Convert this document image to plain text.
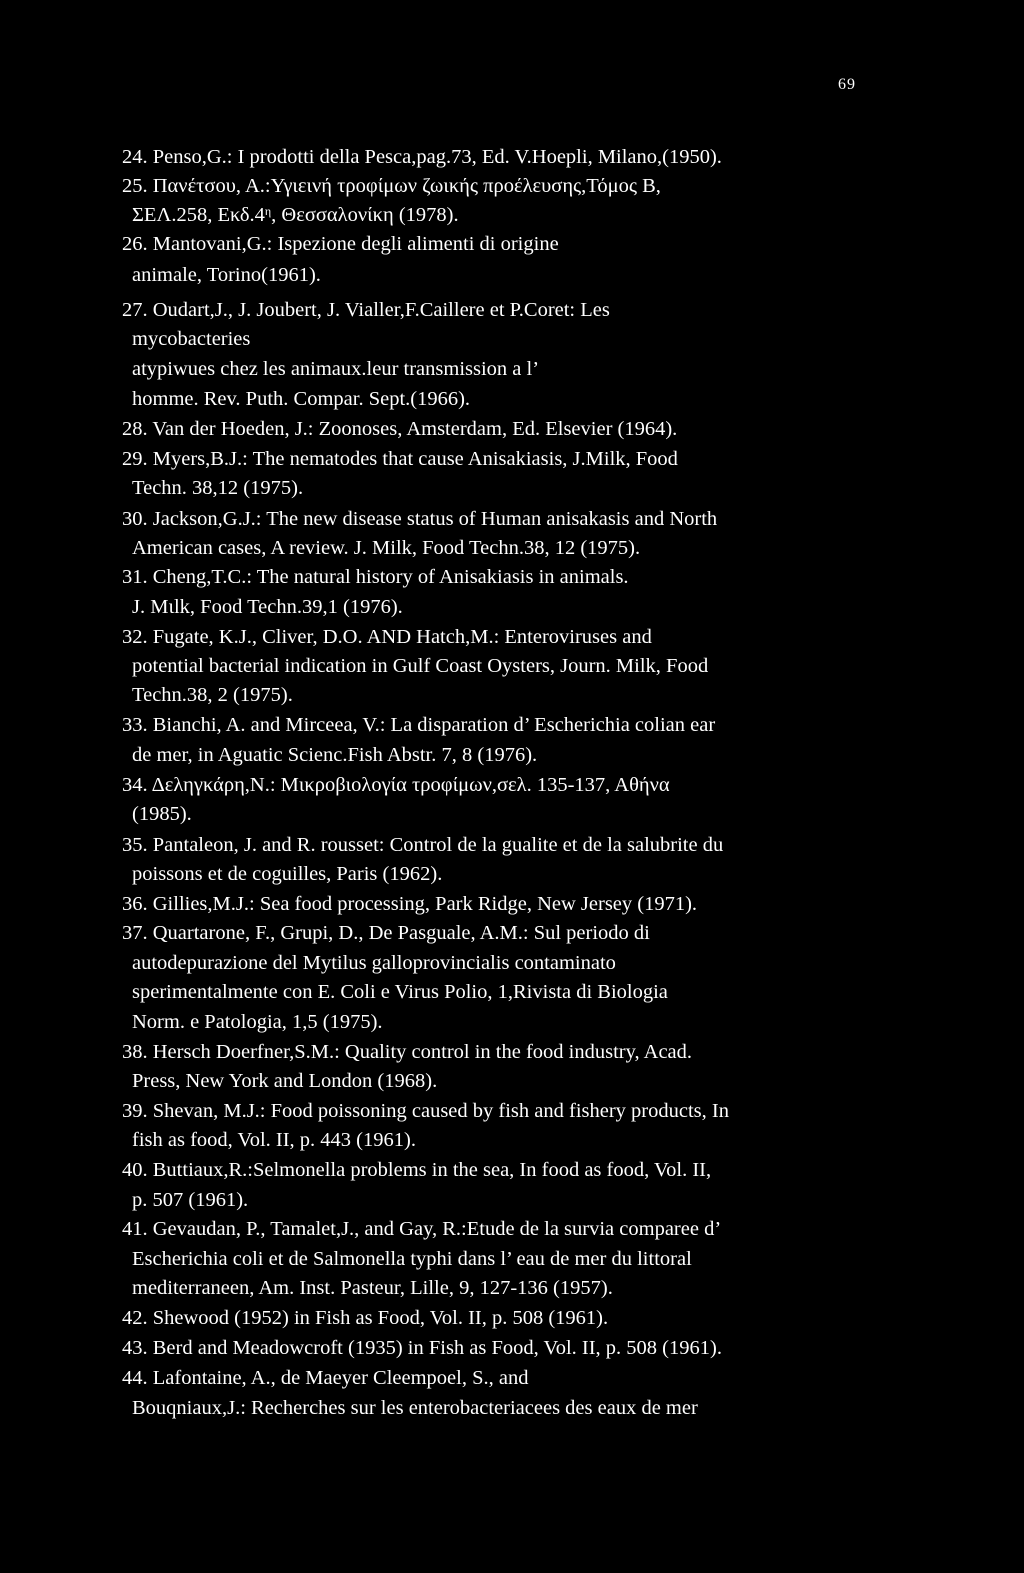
69
24. Penso,G.: I prodotti della Pesca,pag.73, Ed. V.Hoepli, Milano,(1950).
25. Πανέτσου, Α.:Υγιεινή τροφίμων ζωικής προέλευσης,Τόμος Β,
ΣΕΛ.258, $E\kappa\delta.4^\eta$, Θεσσαλονίκη (1978).
26. Mantovani,G.: Ispezione degli alimenti di origine
animale, Torino(1961).
27. Oudart,J., J. Joubert, J. Vialler,F.Caillere et P.Coret: Les
mycobacteries
atypiwues chez les animaux.leur transmission a l’
homme. Rev. Puth. Compar. Sept.(1966).
28. Van der Hoeden, J.: Zoonoses, Amsterdam, Ed. Elsevier (1964).
29. Myers,B.J.: The nematodes that cause Anisakiasis, J.Milk, Food
Techn. 38,12 (1975).
30. Jackson,G.J.: The new disease status of Human anisakasis and North
American cases, A review. J. Milk, Food Techn.38, 12 (1975).
31. Cheng,T.C.: The natural history of Anisakiasis in animals.
J. Mιlk, Food Techn.39,1 (1976).
32. Fugate, K.J., Cliver, D.O. AND Hatch,M.: Enteroviruses and
potential bacterial indication in Gulf Coast Oysters, Journ. Milk, Food
Techn.38, 2 (1975).
33. Bianchi, A. and Mirceea, V.: La disparation d’ Escherichia colian ear
de mer, in Aguatic Scienc.Fish Abstr. 7, 8 (1976).
34. Δεληγκάρη,Ν.: Μικροβιολογία τροφίμων,σελ. 135-137, Αθήνα
(1985).
35. Pantaleon, J. and R. rousset: Control de la gualite et de la salubrite du
poissons et de coguilles, Paris (1962).
36. Gillies,M.J.: Sea food processing, Park Ridge, New Jersey (1971).
37. Quartarone, F., Grupi, D., De Pasguale, A.M.: Sul periodo di
autodepurazione del Mytilus galloprovincialis contaminato
sperimentalmente con E. Coli e Virus Polio, 1,Rivista di Biologia
Norm. e Patologia, 1,5 (1975).
38. Hersch Doerfner,S.M.: Quality control in the food industry, Acad.
Press, New York and London (1968).
39. Shevan, M.J.: Food poissoning caused by fish and fishery products, In
fish as food, Vol. II, p. 443 (1961).
40. Buttiaux,R.:Selmonella problems in the sea, In food as food, Vol. II,
p. 507 (1961).
41. Gevaudan, P., Tamalet,J., and Gay, R.:Etude de la survia comparee d’
Escherichia coli et de Salmonella typhi dans l’ eau de mer du littoral
mediterraneen, Am. Inst. Pasteur, Lille, 9, 127-136 (1957).
42. Shewood (1952) in Fish as Food, Vol. II, p. 508 (1961).
43. Berd and Meadowcroft (1935) in Fish as Food, Vol. II, p. 508 (1961).
44. Lafontaine, A., de Maeyer Cleempoel, S., and
Bouqniaux,J.: Recherches sur les enterobacteriacees des eaux de mer
